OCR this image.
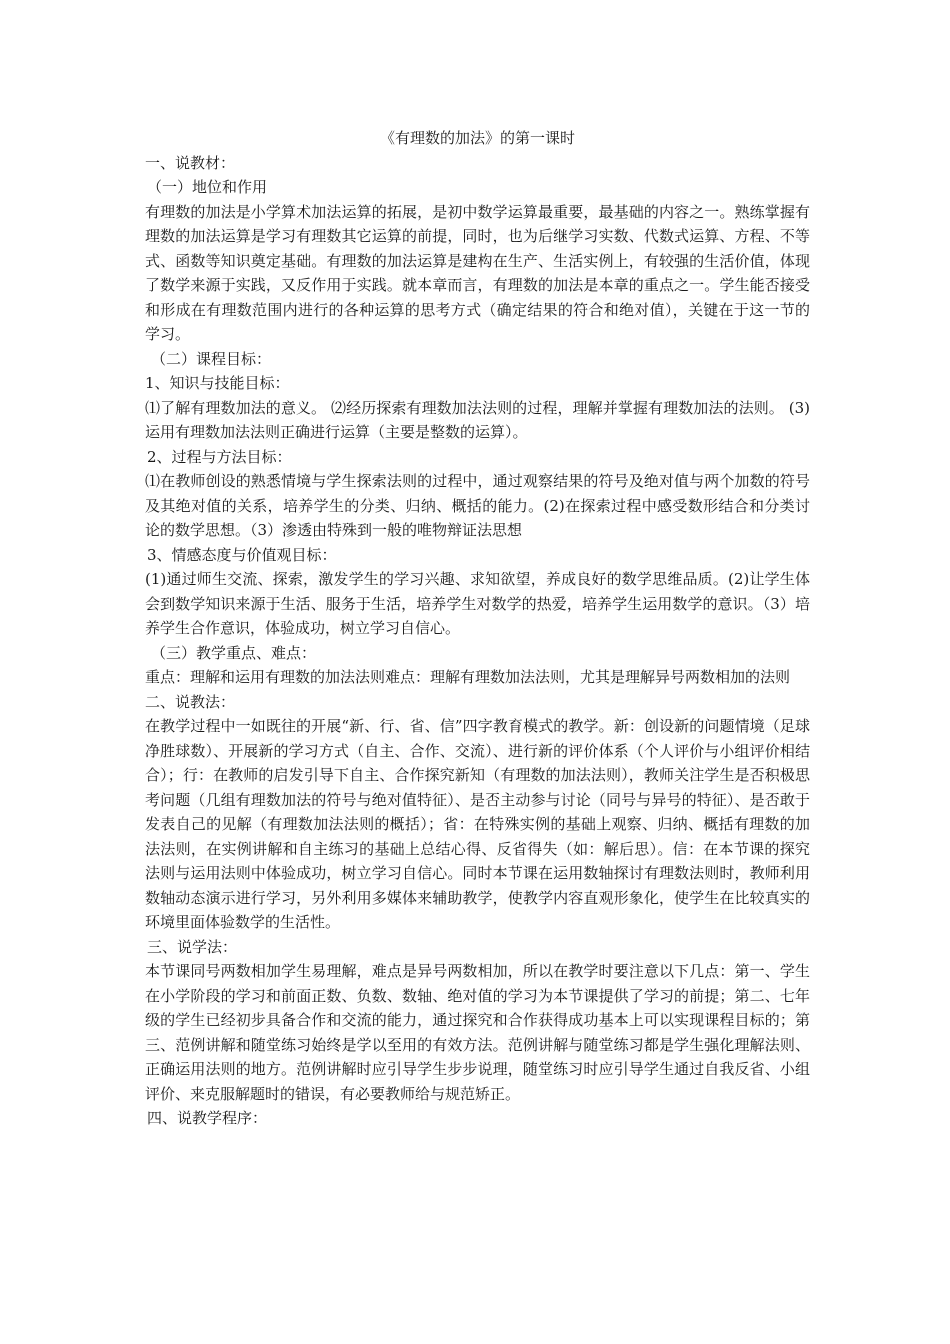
《有理数的加法》的第一课时

一、说教材：

（一）地位和作用

有理数的加法是小学算术加法运算的拓展，是初中数学运算最重要，最基础的内容之一。熟练掌握有理数的加法运算是学习有理数其它运算的前提，同时，也为后继学习实数、代数式运算、方程、不等式、函数等知识奠定基础。有理数的加法运算是建构在生产、生活实例上，有较强的生活价值，体现了数学来源于实践，又反作用于实践。就本章而言，有理数的加法是本章的重点之一。学生能否接受和形成在有理数范围内进行的各种运算的思考方式（确定结果的符合和绝对值），关键在于这一节的学习。

（二）课程目标：

1、知识与技能目标：

⑴了解有理数加法的意义。 ⑵经历探索有理数加法法则的过程，理解并掌握有理数加法的法则。 (3)运用有理数加法法则正确进行运算（主要是整数的运算）。

2、过程与方法目标：

⑴在教师创设的熟悉情境与学生探索法则的过程中，通过观察结果的符号及绝对值与两个加数的符号及其绝对值的关系，培养学生的分类、归纳、概括的能力。(2)在探索过程中感受数形结合和分类讨论的数学思想。（3）渗透由特殊到一般的唯物辩证法思想

3、情感态度与价值观目标：

(1)通过师生交流、探索，激发学生的学习兴趣、求知欲望，养成良好的数学思维品质。(2)让学生体会到数学知识来源于生活、服务于生活，培养学生对数学的热爱，培养学生运用数学的意识。（3）培养学生合作意识，体验成功，树立学习自信心。

（三）教学重点、难点：

重点：理解和运用有理数的加法法则难点：理解有理数加法法则，尤其是理解异号两数相加的法则

二、说教法：

在教学过程中一如既往的开展“新、行、省、信”四字教育模式的教学。新：创设新的问题情境（足球净胜球数）、开展新的学习方式（自主、合作、交流）、进行新的评价体系（个人评价与小组评价相结合）；行：在教师的启发引导下自主、合作探究新知（有理数的加法法则），教师关注学生是否积极思考问题（几组有理数加法的符号与绝对值特征）、是否主动参与讨论（同号与异号的特征）、是否敢于发表自己的见解（有理数加法法则的概括）；省：在特殊实例的基础上观察、归纳、概括有理数的加法法则，在实例讲解和自主练习的基础上总结心得、反省得失（如：解后思）。信：在本节课的探究法则与运用法则中体验成功，树立学习自信心。同时本节课在运用数轴探讨有理数法则时，教师利用数轴动态演示进行学习，另外利用多媒体来辅助教学，使教学内容直观形象化，使学生在比较真实的环境里面体验数学的生活性。

三、说学法：

本节课同号两数相加学生易理解，难点是异号两数相加，所以在教学时要注意以下几点：第一、学生在小学阶段的学习和前面正数、负数、数轴、绝对值的学习为本节课提供了学习的前提；第二、七年级的学生已经初步具备合作和交流的能力，通过探究和合作获得成功基本上可以实现课程目标的；第三、范例讲解和随堂练习始终是学以至用的有效方法。范例讲解与随堂练习都是学生强化理解法则、正确运用法则的地方。范例讲解时应引导学生步步说理，随堂练习时应引导学生通过自我反省、小组评价、来克服解题时的错误，有必要教师给与规范矫正。

四、说教学程序：
